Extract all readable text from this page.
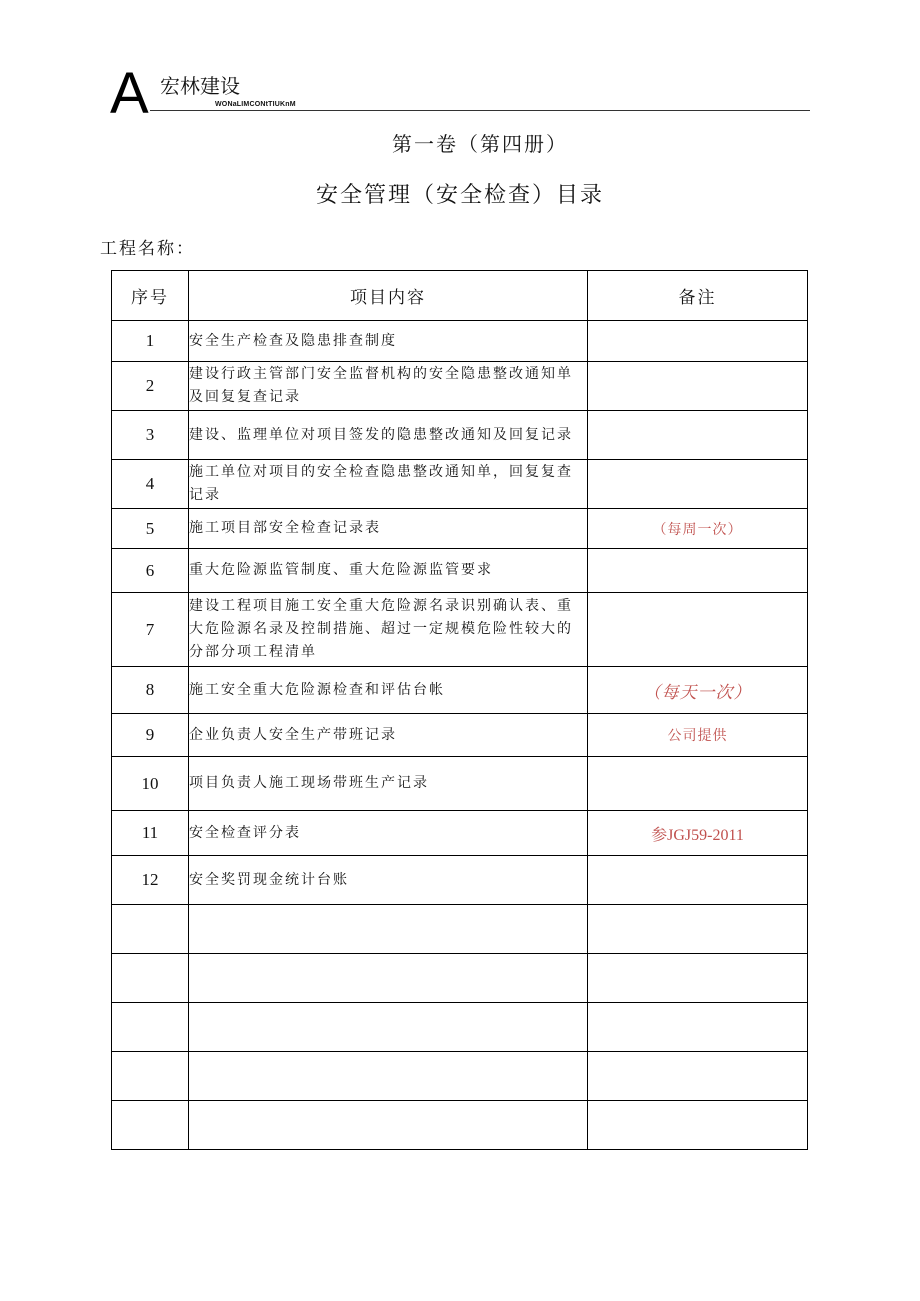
A 宏林建设
WONaLIMCONtTIUKnM
第一卷（第四册）
安全管理（安全检查）目录
工程名称：
序号	项目内容	备注
1	安全生产检查及隐患排查制度	
2	建设行政主管部门安全监督机构的安全隐患整改通知单及回复复查记录	
3	建设、监理单位对项目签发的隐患整改通知及回复记录	
4	施工单位对项目的安全检查隐患整改通知单，回复复查记录	
5	施工项目部安全检查记录表	（每周一次）
6	重大危险源监管制度、重大危险源监管要求	
7	建设工程项目施工安全重大危险源名录识别确认表、重大危险源名录及控制措施、超过一定规模危险性较大的分部分项工程清单	
8	施工安全重大危险源检查和评估台帐	（每天一次）
9	企业负责人安全生产带班记录	公司提供
10	项目负责人施工现场带班生产记录	
11	安全检查评分表	参JGJ59-2011
12	安全奖罚现金统计台账	
